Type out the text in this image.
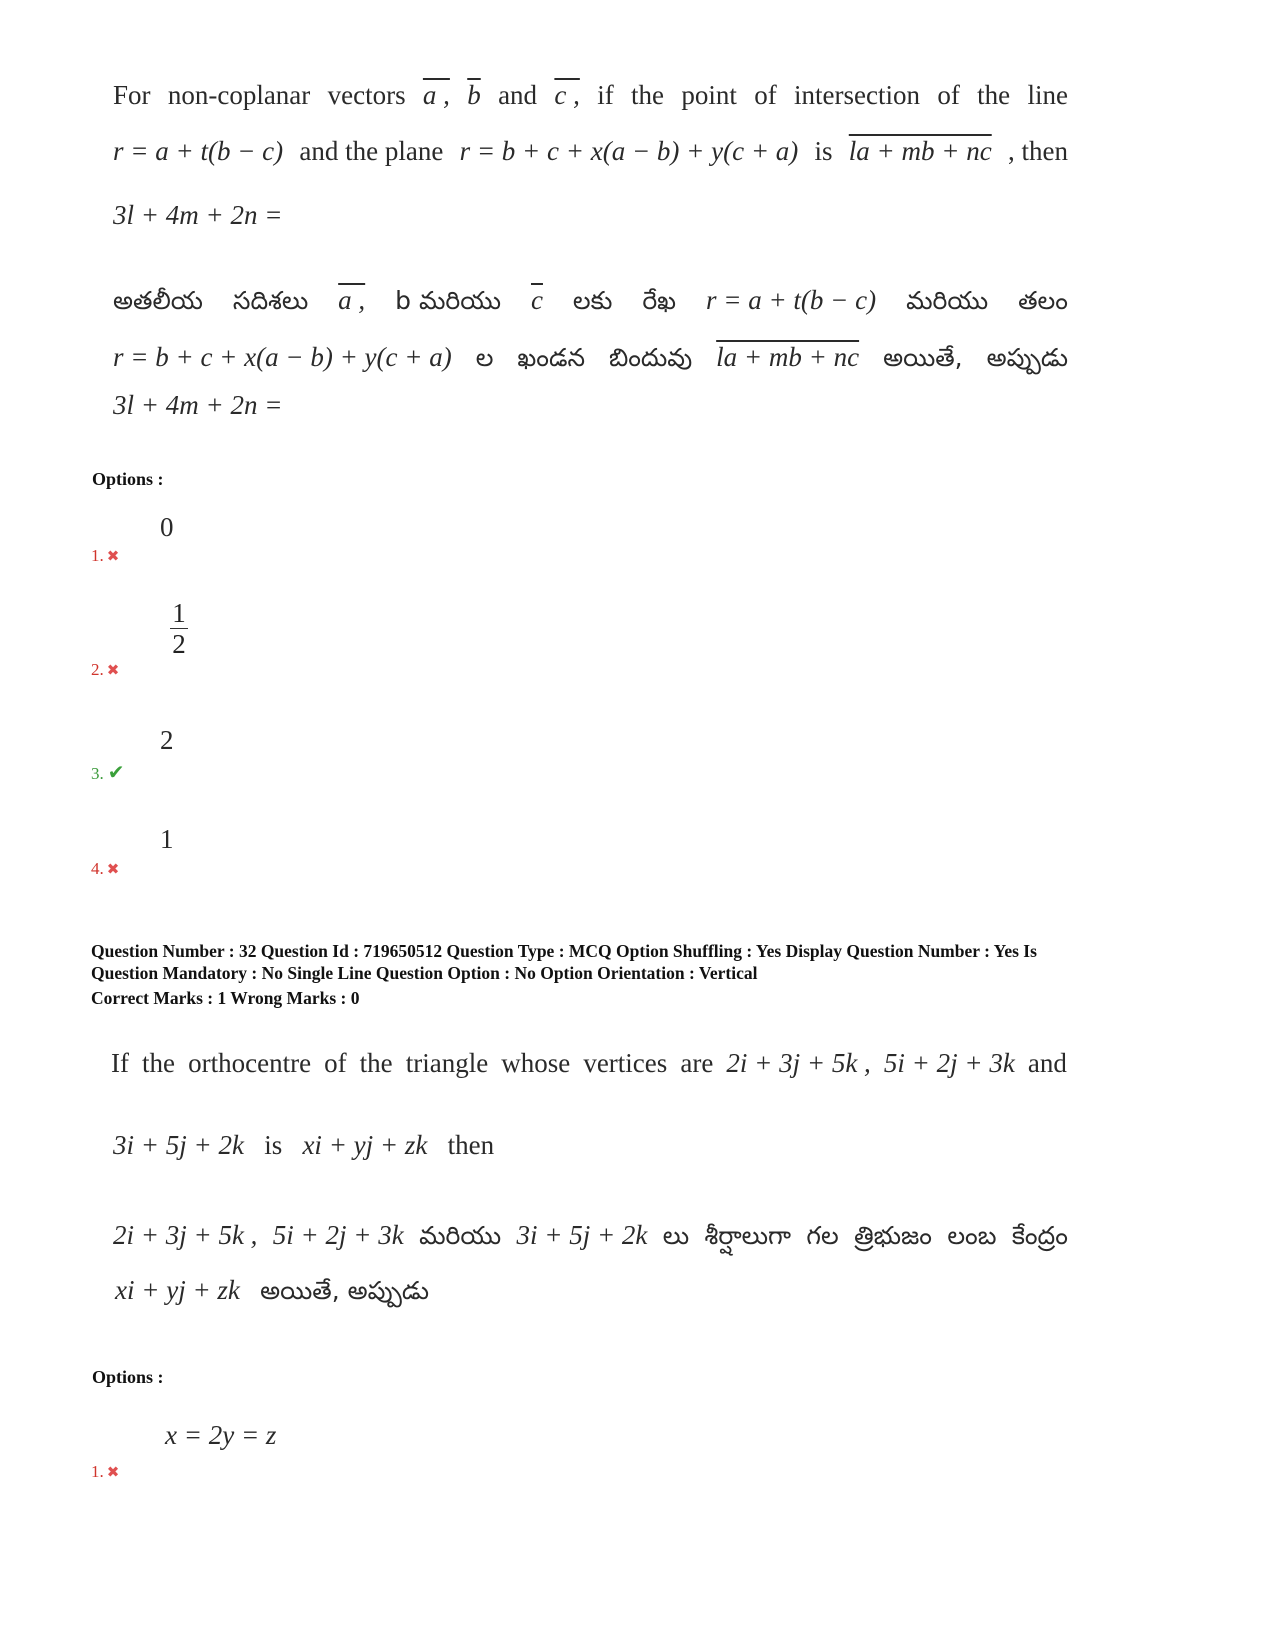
For non-coplanar vectors a , $\overline{b}$ and c , if the point of intersection of the line
r = a + t(b − c) and the plane r = b + c + x(a − b) + y(c + a) is la + mb + nc , then
3l + 4m + 2n =
అతలీయ సదిశలు a , b మరియు $\overline{c}$ లకు రేఖ r = a + t(b − c) మరియు తలం
r = b + c + x(a − b) + y(c + a) ల ఖండన బిందువు la + mb + nc అయితే, అప్పుడు
3l + 4m + 2n =
Options :
0
1. ✖
1
2
2. ✖
2
3. ✔
1
4. ✖
Question Number : 32 Question Id : 719650512 Question Type : MCQ Option Shuffling : Yes Display Question Number : Yes Is
Question Mandatory : No Single Line Question Option : No Option Orientation : Vertical
Correct Marks : 1 Wrong Marks : 0
If the orthocentre of the triangle whose vertices are 2i + 3j + 5k , 5i + 2j + 3k and
3i + 5j + 2k is xi + yj + zk then
2i + 3j + 5k , 5i + 2j + 3k మరియు 3i + 5j + 2k లు శీర్షాలుగా గల త్రిభుజం లంబ కేంద్రం
xi + yj + zk అయితే, అప్పుడు
Options :
x = 2y = z
1. ✖
